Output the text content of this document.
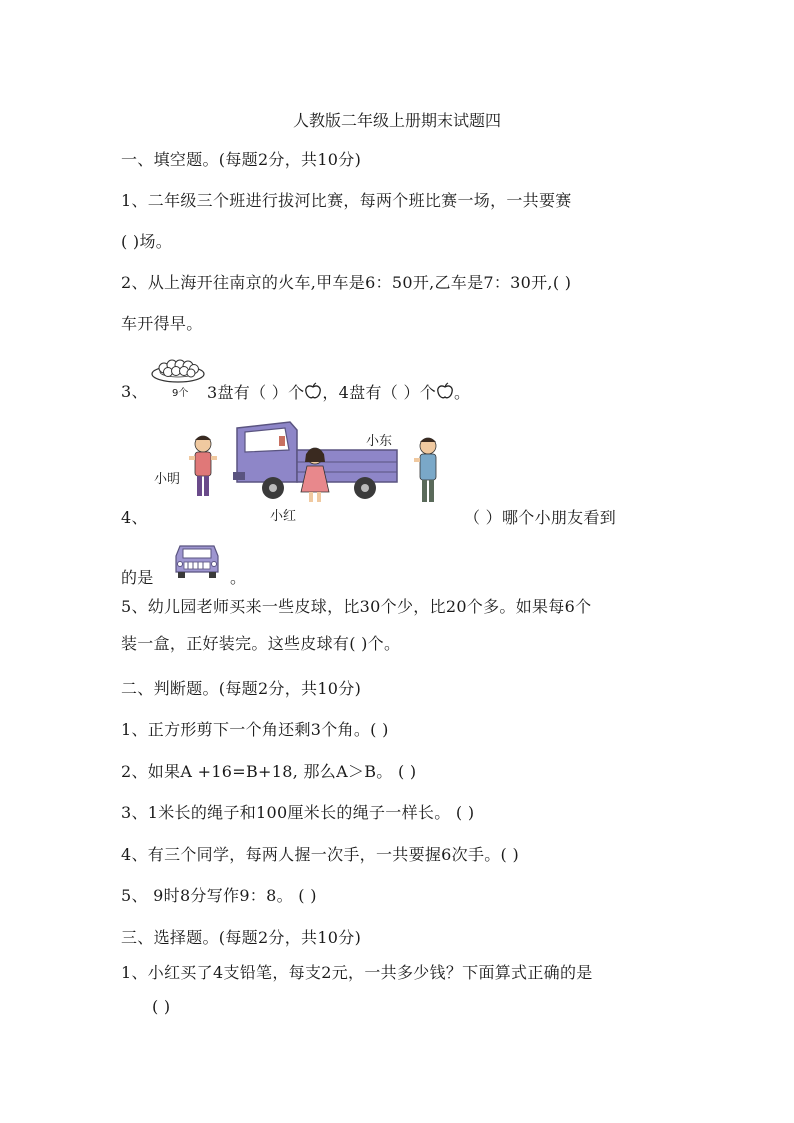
人教版二年级上册期末试题四
一、填空题。(每题2分，共10分)
1、二年级三个班进行拔河比赛，每两个班比赛一场，一共要赛
( )场。
2、从上海开往南京的火车,甲车是6：50开,乙车是7：30开,( )
车开得早。
3、 9个 3盘有（ ）个 ，4盘有（ ）个 。
小明
小东
小红
4、	（ ）哪个小朋友看到
的是	。
5、幼儿园老师买来一些皮球，比30个少，比20个多。如果每6个
装一盒，正好装完。这些皮球有( )个。
二、判断题。(每题2分，共10分)
1、正方形剪下一个角还剩3个角。( )
2、如果A +16=B+18, 那么A＞B。 ( )
3、1米长的绳子和100厘米长的绳子一样长。 ( )
4、有三个同学，每两人握一次手，一共要握6次手。( )
5、 9时8分写作9：8。 ( )
三、选择题。(每题2分，共10分)
1、小红买了4支铅笔，每支2元，一共多少钱？下面算式正确的是
( )
